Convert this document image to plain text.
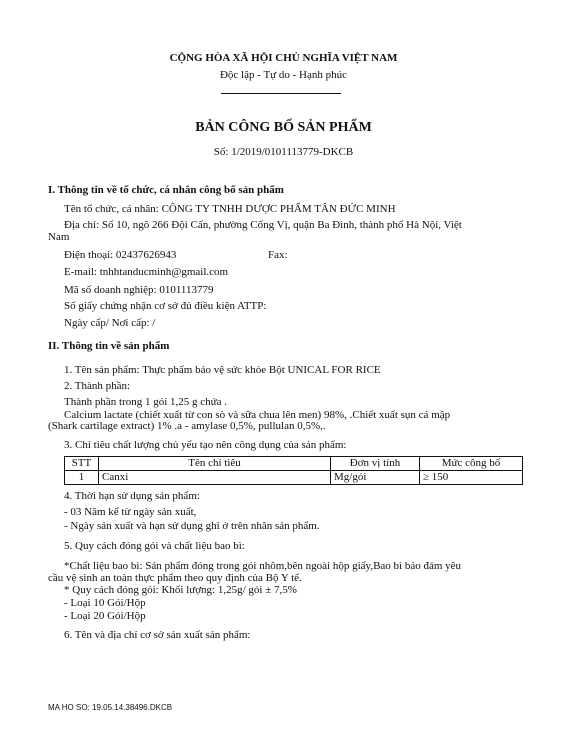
CỘNG HÒA XÃ HỘI CHỦ NGHĨA VIỆT NAM
Độc lập - Tự do - Hạnh phúc
BẢN CÔNG BỐ SẢN PHẨM
Số: 1/2019/0101113779-DKCB
I. Thông tin về tổ chức, cá nhân công bố sản phẩm
Tên tổ chức, cá nhân: CÔNG TY TNHH DƯỢC PHẨM TÂN ĐỨC MINH
Địa chỉ: Số 10, ngõ 266 Đội Cấn, phường Cống Vị, quận Ba Đình, thành phố Hà Nội, Việt
Nam
Điện thoại: 02437626943	Fax:
E-mail: tnhhtanducminh@gmail.com
Mã số doanh nghiệp: 0101113779
Số giấy chứng nhận cơ sở đủ điều kiện ATTP:
Ngày cấp/ Nơi cấp: /
II. Thông tin về sản phẩm
1. Tên sản phẩm: Thực phẩm bảo vệ sức khỏe Bột UNICAL FOR RICE
2. Thành phần:
Thành phần trong 1 gói 1,25 g chứa .
Calcium lactate (chiết xuất từ con sò và sữa chua lên men) 98%, .Chiết xuất sụn cá mập
(Shark cartilage extract) 1% .a - amylase 0,5%, pullulan 0,5%,.
3. Chỉ tiêu chất lượng chủ yếu tạo nên công dụng của sản phẩm:
STT	Tên chỉ tiêu	Đơn vị tính	Mức công bố
1	Canxi	Mg/gói	≥ 150
4. Thời hạn sử dụng sản phẩm:
- 03 Năm kể từ ngày sản xuất,
- Ngày sản xuất và hạn sử dụng ghi ở trên nhãn sản phẩm.
5. Quy cách đóng gói và chất liệu bao bì:
*Chất liệu bao bì: Sản phẩm đóng trong gói nhôm,bên ngoài hộp giấy,Bao bì bảo đảm yêu
cầu vệ sinh an toàn thực phẩm theo quy định của Bộ Y tế.
* Quy cách đóng gói: Khối lượng: 1,25g/ gói ± 7,5%
- Loại 10 Gói/Hộp
- Loại 20 Gói/Hộp
6. Tên và địa chỉ cơ sở sản xuất sản phẩm:
MA HO SO: 19.05.14.38496.DKCB
